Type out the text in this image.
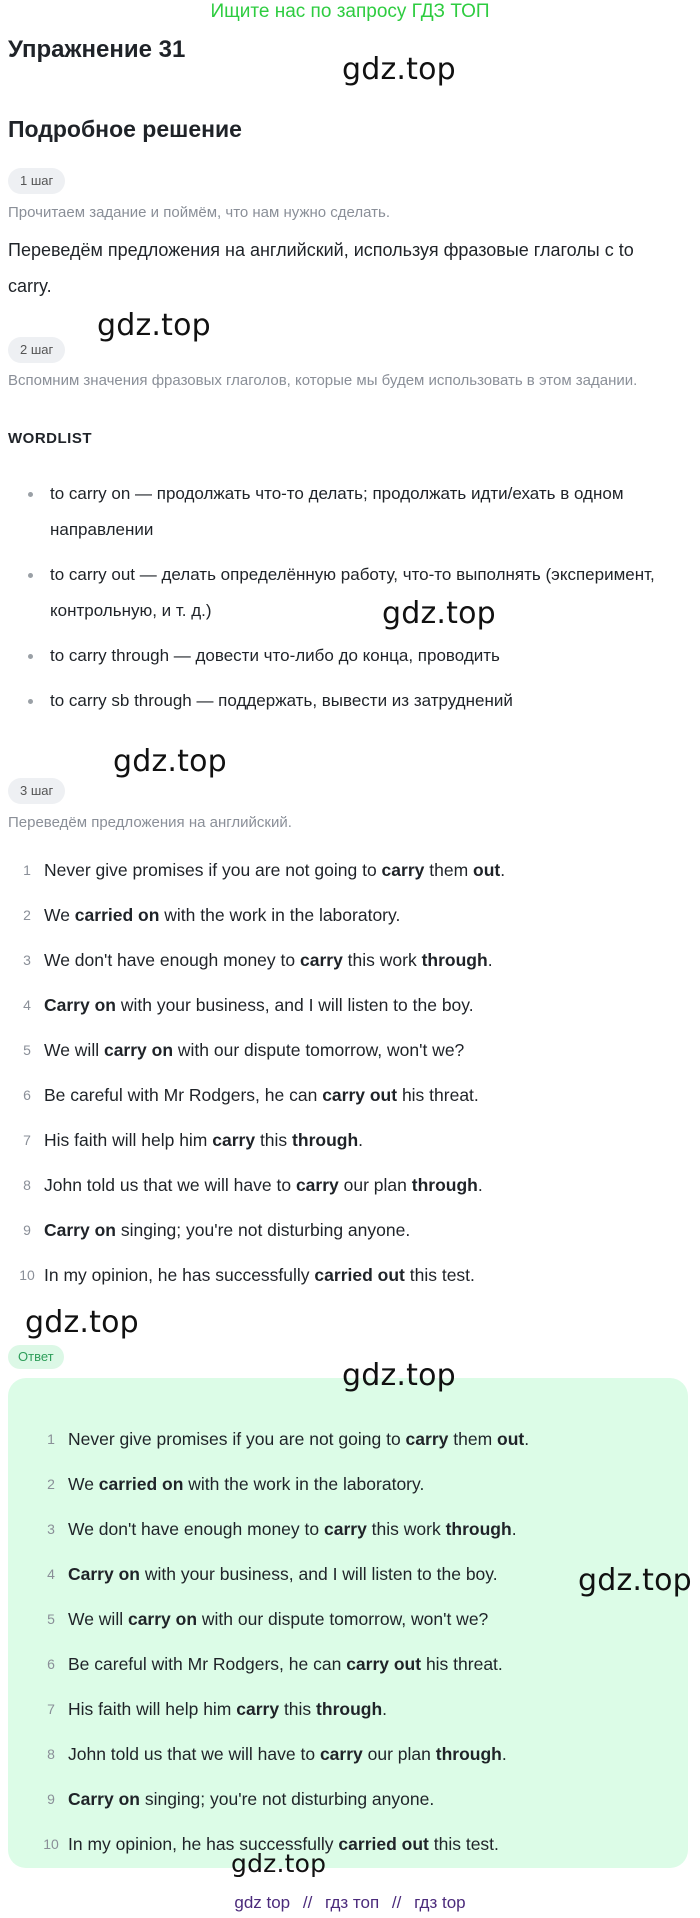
Ищите нас по запросу ГДЗ ТОП
Упражнение 31
gdz.top
Подробное решение
1 шаг
Прочитаем задание и поймём, что нам нужно сделать.
Переведём предложения на английский, используя фразовые глаголы с to carry.
2 шаг
gdz.top
Вспомним значения фразовых глаголов, которые мы будем использовать в этом задании.
WORDLIST
to carry on — продолжать что-то делать; продолжать идти/ехать в одном направлении
to carry out — делать определённую работу, что-то выполнять (эксперимент, контрольную, и т. д.)
to carry through — довести что-либо до конца, проводить
to carry sb through — поддержать, вывести из затруднений
gdz.top
gdz.top
3 шаг
Переведём предложения на английский.
1 Never give promises if you are not going to carry them out.
2 We carried on with the work in the laboratory.
3 We don't have enough money to carry this work through.
4 Carry on with your business, and I will listen to the boy.
5 We will carry on with our dispute tomorrow, won't we?
6 Be careful with Mr Rodgers, he can carry out his threat.
7 His faith will help him carry this through.
8 John told us that we will have to carry our plan through.
9 Carry on singing; you're not disturbing anyone.
10 In my opinion, he has successfully carried out this test.
gdz.top
Ответ
gdz.top
1 Never give promises if you are not going to carry them out.
2 We carried on with the work in the laboratory.
3 We don't have enough money to carry this work through.
4 Carry on with your business, and I will listen to the boy.
5 We will carry on with our dispute tomorrow, won't we?
6 Be careful with Mr Rodgers, he can carry out his threat.
7 His faith will help him carry this through.
8 John told us that we will have to carry our plan through.
9 Carry on singing; you're not disturbing anyone.
10 In my opinion, he has successfully carried out this test.
gdz.top
gdz.top
gdz top // гдз топ // гдз top
